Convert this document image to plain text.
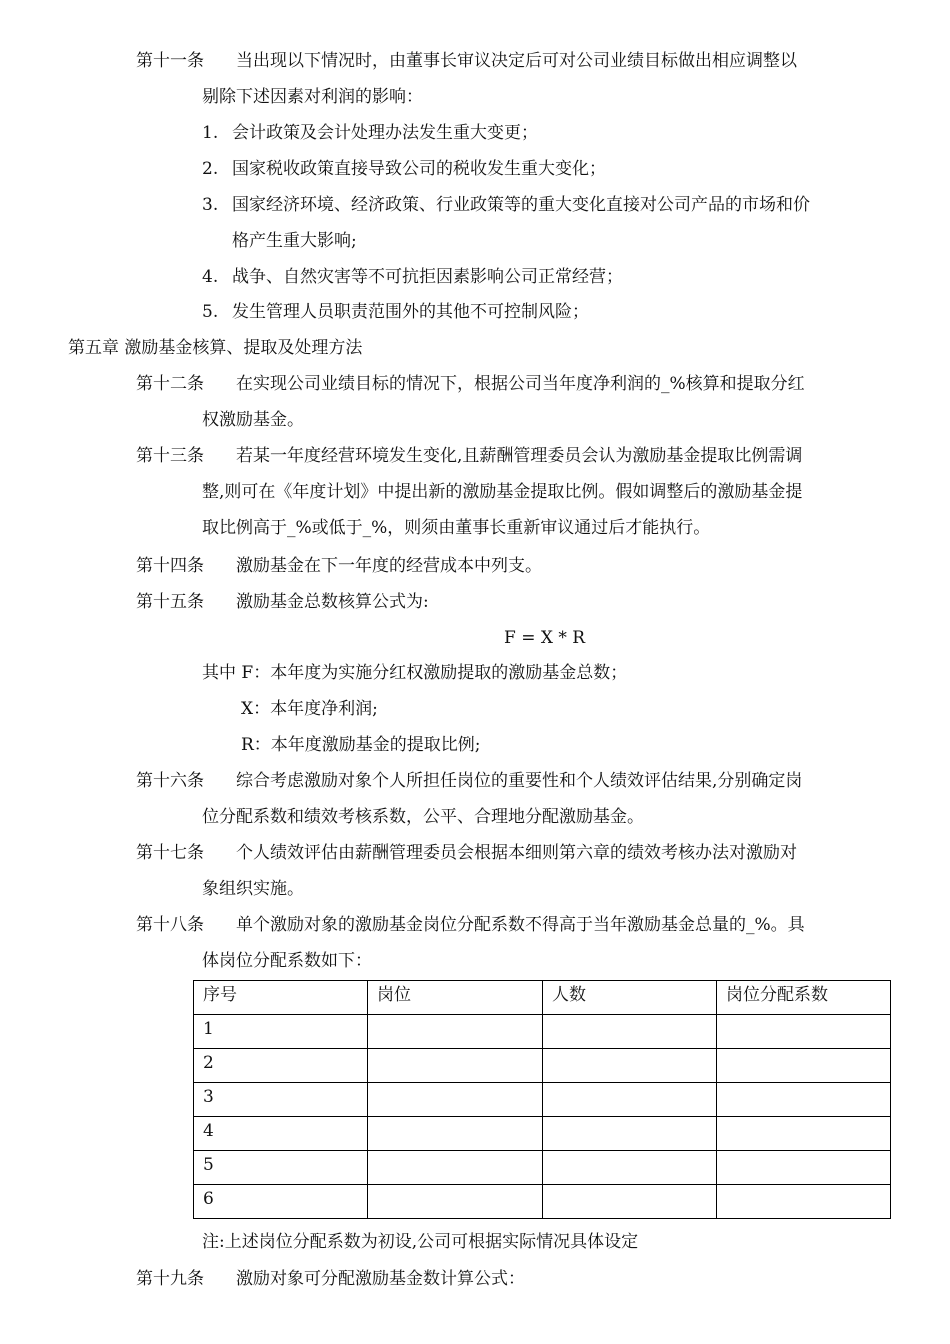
第十一条 当出现以下情况时，由董事长审议决定后可对公司业绩目标做出相应调整以
剔除下述因素对利润的影响：
1. 会计政策及会计处理办法发生重大变更；
2. 国家税收政策直接导致公司的税收发生重大变化；
3. 国家经济环境、经济政策、行业政策等的重大变化直接对公司产品的市场和价
格产生重大影响;
4. 战争、自然灾害等不可抗拒因素影响公司正常经营；
5. 发生管理人员职责范围外的其他不可控制风险；
第五章 激励基金核算、提取及处理方法
第十二条 在实现公司业绩目标的情况下，根据公司当年度净利润的_%核算和提取分红
权激励基金。
第十三条 若某一年度经营环境发生变化,且薪酬管理委员会认为激励基金提取比例需调
整,则可在《年度计划》中提出新的激励基金提取比例。假如调整后的激励基金提
取比例高于_%或低于_%，则须由董事长重新审议通过后才能执行。
第十四条 激励基金在下一年度的经营成本中列支。
第十五条 激励基金总数核算公式为:
F = X * R
其中 F：本年度为实施分红权激励提取的激励基金总数；
X：本年度净利润;
R：本年度激励基金的提取比例;
第十六条 综合考虑激励对象个人所担任岗位的重要性和个人绩效评估结果,分别确定岗
位分配系数和绩效考核系数，公平、合理地分配激励基金。
第十七条 个人绩效评估由薪酬管理委员会根据本细则第六章的绩效考核办法对激励对
象组织实施。
第十八条 单个激励对象的激励基金岗位分配系数不得高于当年激励基金总量的_%。具
体岗位分配系数如下：
序号	岗位	人数	岗位分配系数
1			
2			
3			
4			
5			
6			
注:上述岗位分配系数为初设,公司可根据实际情况具体设定
第十九条 激励对象可分配激励基金数计算公式：
